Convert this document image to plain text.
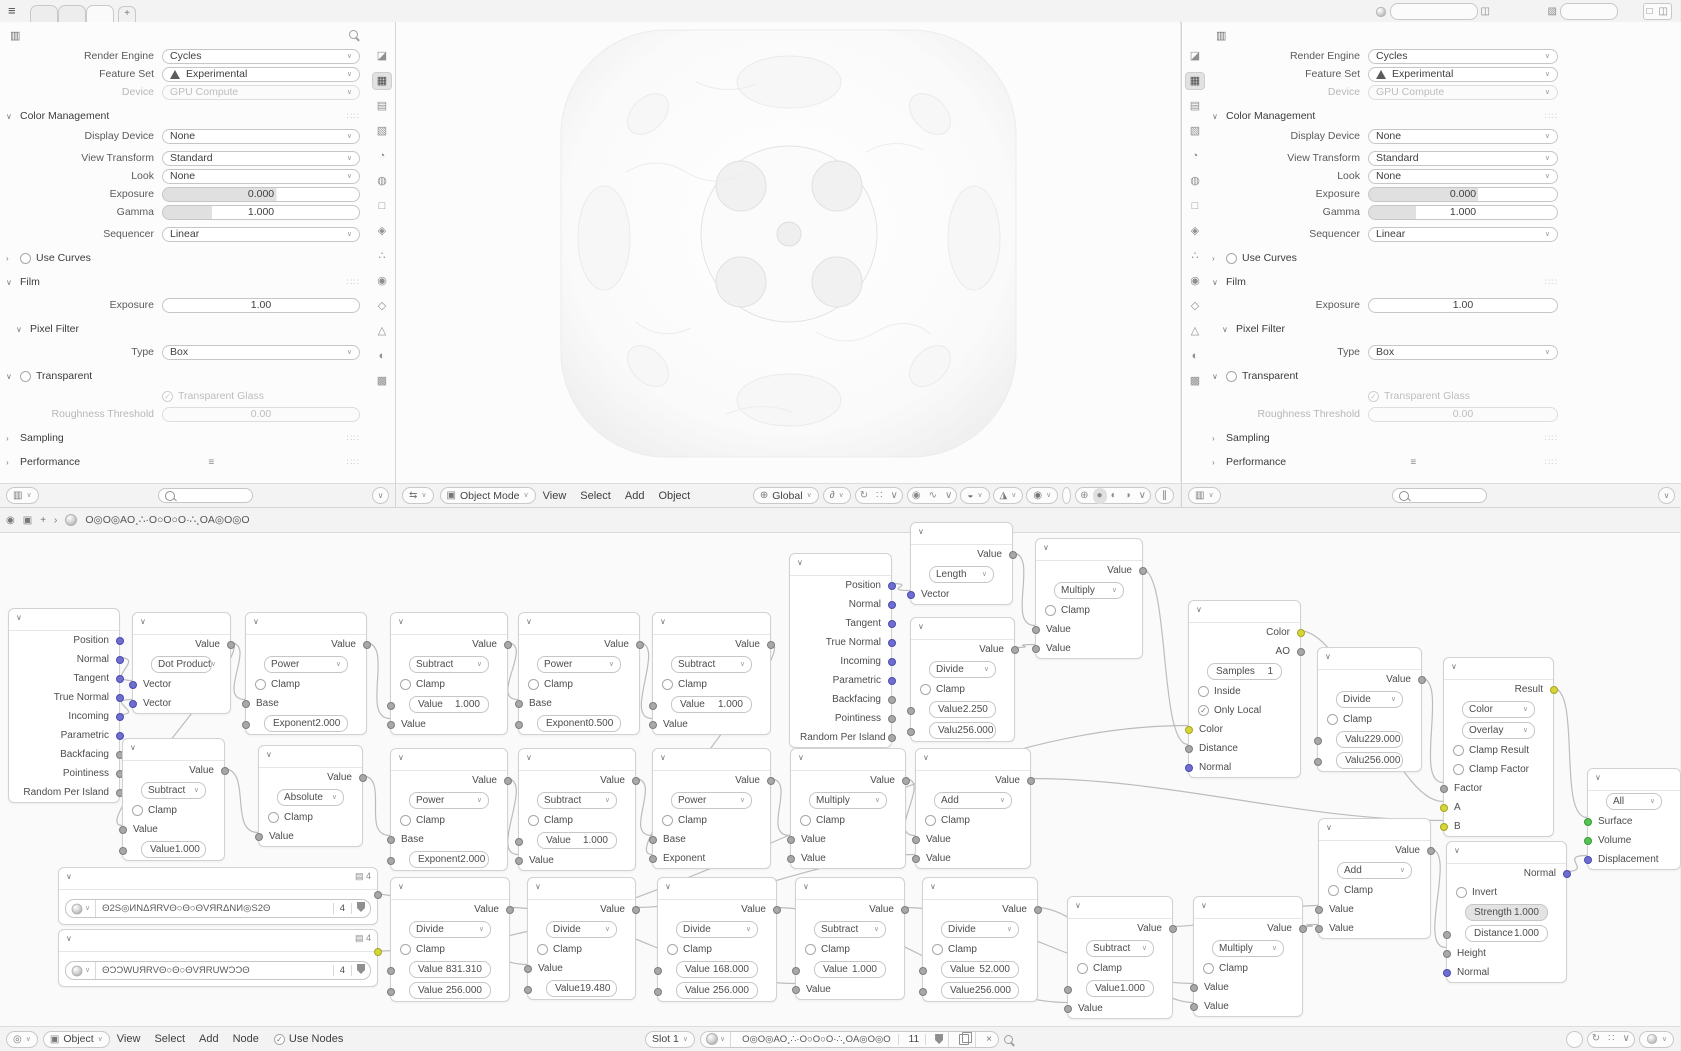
≡	+	◫	▧	□ ◫
▥
Render Engine	Cycles	∨
Feature Set	Experimental	∨
Device	GPU Compute	∨
∨ Color Management	∷∷
Display Device	None	∨
View Transform	Standard	∨
Look	None	∨
Exposure	0.000
Gamma	1.000
Sequencer	Linear	∨
›	Use Curves
∨ Film	∷∷
Exposure	1.00
∨ Pixel Filter
Type	Box	∨
∨ Transparent
✓ Transparent Glass
Roughness Threshold	0.00
›	Sampling	∷∷
›	Performance	≡	∷∷
◪
▦
▤
▧
◔
◍
□
◈
∴
◉
◇
△
◐
▩
▥ ∨	∨	⇆ ∨ ▣ Object Mode ∨ View Select Add Object	⊕ Global ∨ ∂ ∨	↻ ∷ ∨	◉ ∿ ∨	◒ ∨ ◮ ∨ ◉ ∨	⊕ ● ◐ ◑ ∨	∥
▥
Render Engine	Cycles	∨
Feature Set	Experimental	∨
Device	GPU Compute	∨
∨ Color Management	∷∷
Display Device	None	∨
View Transform	Standard	∨
Look	None	∨
Exposure	0.000
Gamma	1.000
Sequencer	Linear	∨
›	Use Curves
∨ Film	∷∷
Exposure	1.00
∨ Pixel Filter
Type	Box	∨
∨ Transparent
✓ Transparent Glass
Roughness Threshold	0.00
›	Sampling	∷∷
›	Performance	≡	∷∷
◪
▦
▤
▧
◔
◍
□
◈
∴
◉
◇
△
◐
▩
▥ ∨	∨
◉ ▣ + ›	O◎O◎AO¸∴·O○O○O·∴¸OA◎O◎O
∨
Position
Normal
Tangent
True Normal
Incoming
Parametric
Backfacing
Pointiness
Random Per Island
∨
Value
Dot Product ∨
Vector
Vector
∨
Value
Subtract ∨
Clamp
Value
Value 1.000
∨
Value
Power	∨
Clamp
Base
Exponent 2.000
∨
Value
Absolute ∨
Clamp
Value
∨
Value
Subtract	∨
Clamp
Value 1.000
Value
∨
Value
Power	∨
Clamp
Base
Exponent 2.000
∨
Value
Power	∨
Clamp
Base
Exponent 0.500
∨
Value
Subtract	∨
Clamp
Value 1.000
Value
∨
Value
Subtract	∨
Clamp
Value 1.000
Value
∨
Value
Power	∨
Clamp
Base
Exponent
∨
Position
Normal
Tangent
True Normal
Incoming
Parametric
Backfacing
Pointiness
Random Per Island
∨
Value
Multiply	∨
Clamp
Value
Value
∨
Value
Length ∨
Vector
∨
Value
Divide	∨
Clamp
Value 2.250
Valu 256.000
∨
Value
Add	∨
Clamp
Value
Value
∨
Value
Multiply ∨
Clamp
Value
Value
∨
Color
AO
Samples 1
Inside
✓ Only Local
Color
Distance
Normal
∨
Value
Divide	∨
Clamp
Valu 229.000
Valu 256.000
∨
Value
Add	∨
Clamp
Value
Value
∨
Result
Color	∨
Overlay	∨
Clamp Result
Clamp Factor
Factor
A
B
∨
All	∨
Surface
Volume
Displacement
∨
Normal
Invert
Strength 1.000
Distance 1.000
Height
Normal
∨	▤ 4
∨	Θ2S◎ИΝΔЯRVΘ○Θ○ΘVЯRΔΝИ◎S2Θ	4
∨	▤ 4
∨	ΘƆƆWUЯRVΘ○Θ○ΘVЯRUWƆƆΘ	4
∨
Value
Divide	∨
Clamp
Value 831.310
Value 256.000
∨
Value
Divide	∨
Clamp
Value
Value 19.480
∨
Value
Divide	∨
Clamp
Value 168.000
Value 256.000
∨
Value
Subtract ∨
Clamp
Value 1.000
Value
∨
Value
Divide	∨
Clamp
Value 52.000
Value 256.000
∨
Value
Subtract ∨
Clamp
Value 1.000
Value
∨
Value
Multiply	∨
Clamp
Value
Value
◎ ∨ ▣ Object ∨ View Select Add Node ✓ Use Nodes	Slot 1 ∨	∨	O◎O◎AO¸∴·O○O○O·∴¸OA◎O◎O	11	×	↻ ∷ ∨	∨
